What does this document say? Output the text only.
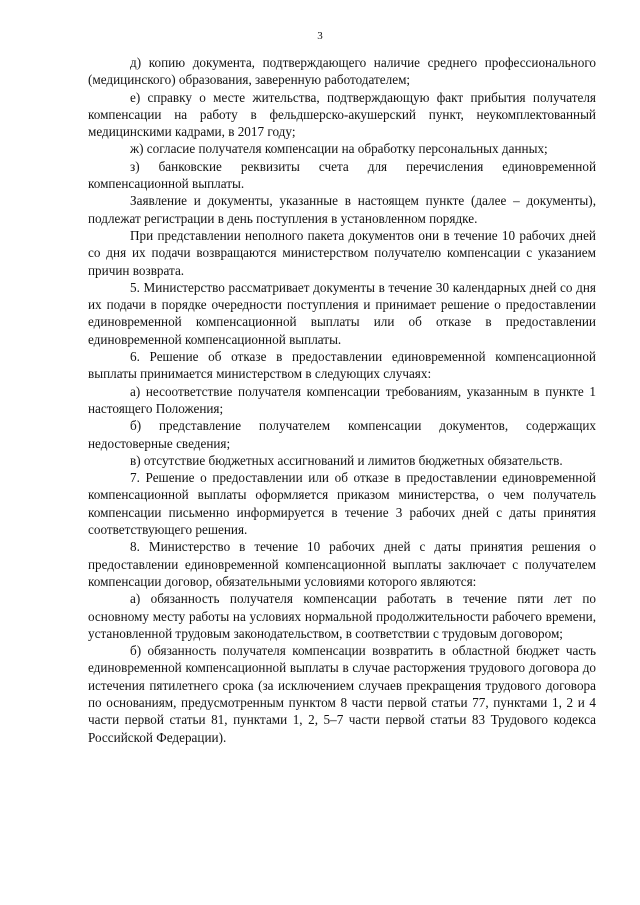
3

д) копию документа, подтверждающего наличие среднего профессионального (медицинского) образования, заверенную работодателем;

е) справку о месте жительства, подтверждающую факт прибытия получателя компенсации на работу в фельдшерско-акушерский пункт, неукомплектованный медицинскими кадрами, в 2017 году;

ж) согласие получателя компенсации на обработку персональных данных;

з) банковские реквизиты счета для перечисления единовременной компенсационной выплаты.

Заявление и документы, указанные в настоящем пункте (далее – документы), подлежат регистрации в день поступления в установленном порядке.

При представлении неполного пакета документов они в течение 10 рабочих дней со дня их подачи возвращаются министерством получателю компенсации с указанием причин возврата.

5. Министерство рассматривает документы в течение 30 календарных дней со дня их подачи в порядке очередности поступления и принимает решение о предоставлении единовременной компенсационной выплаты или об отказе в предоставлении единовременной компенсационной выплаты.

6. Решение об отказе в предоставлении единовременной компенсационной выплаты принимается министерством в следующих случаях:

а) несоответствие получателя компенсации требованиям, указанным в пункте 1 настоящего Положения;

б) представление получателем компенсации документов, содержащих недостоверные сведения;

в) отсутствие бюджетных ассигнований и лимитов бюджетных обязательств.

7. Решение о предоставлении или об отказе в предоставлении единовременной компенсационной выплаты оформляется приказом министерства, о чем получатель компенсации письменно информируется в течение 3 рабочих дней с даты принятия соответствующего решения.

8. Министерство в течение 10 рабочих дней с даты принятия решения о предоставлении единовременной компенсационной выплаты заключает с получателем компенсации договор, обязательными условиями которого являются:

а) обязанность получателя компенсации работать в течение пяти лет по основному месту работы на условиях нормальной продолжительности рабочего времени, установленной трудовым законодательством, в соответствии с трудовым договором;

б) обязанность получателя компенсации возвратить в областной бюджет часть единовременной компенсационной выплаты в случае расторжения трудового договора до истечения пятилетнего срока (за исключением случаев прекращения трудового договора по основаниям, предусмотренным пунктом 8 части первой статьи 77, пунктами 1, 2 и 4 части первой статьи 81, пунктами 1, 2, 5–7 части первой статьи 83 Трудового кодекса Российской Федерации).
